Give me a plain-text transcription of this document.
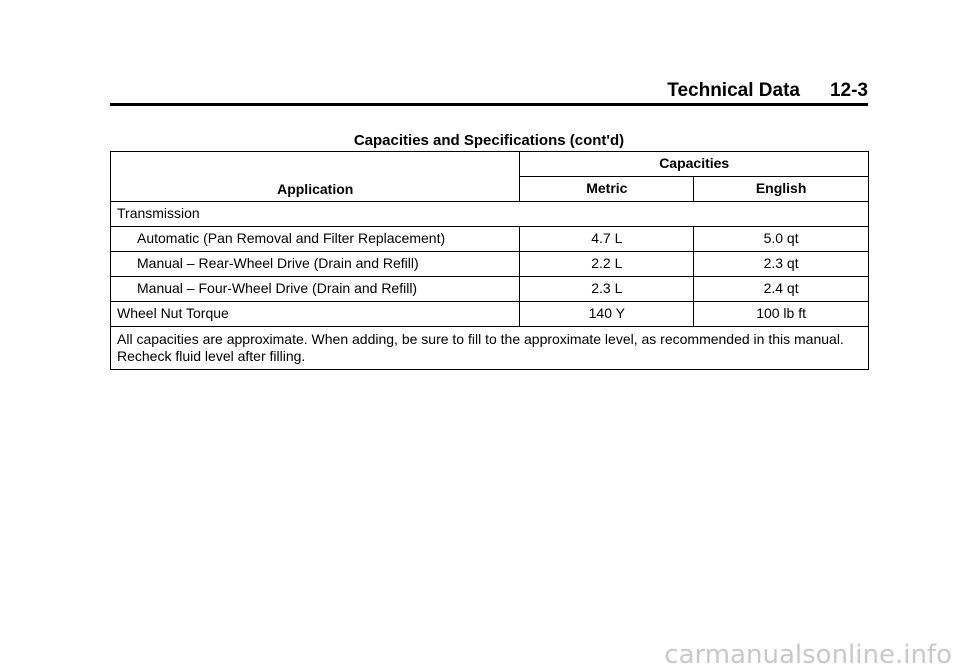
Technical Data 12-3
Capacities and Specifications (cont'd)
Application	Capacities	
	Metric	English
Transmission		
Automatic (Pan Removal and Filter Replacement)	4.7 L	5.0 qt
Manual – Rear-Wheel Drive (Drain and Refill)	2.2 L	2.3 qt
Manual – Four-Wheel Drive (Drain and Refill)	2.3 L	2.4 qt
Wheel Nut Torque	140 Y	100 lb ft
All capacities are approximate. When adding, be sure to fill to the approximate level, as recommended in this manual. Recheck fluid level after filling.		
carmanualsonline.info
